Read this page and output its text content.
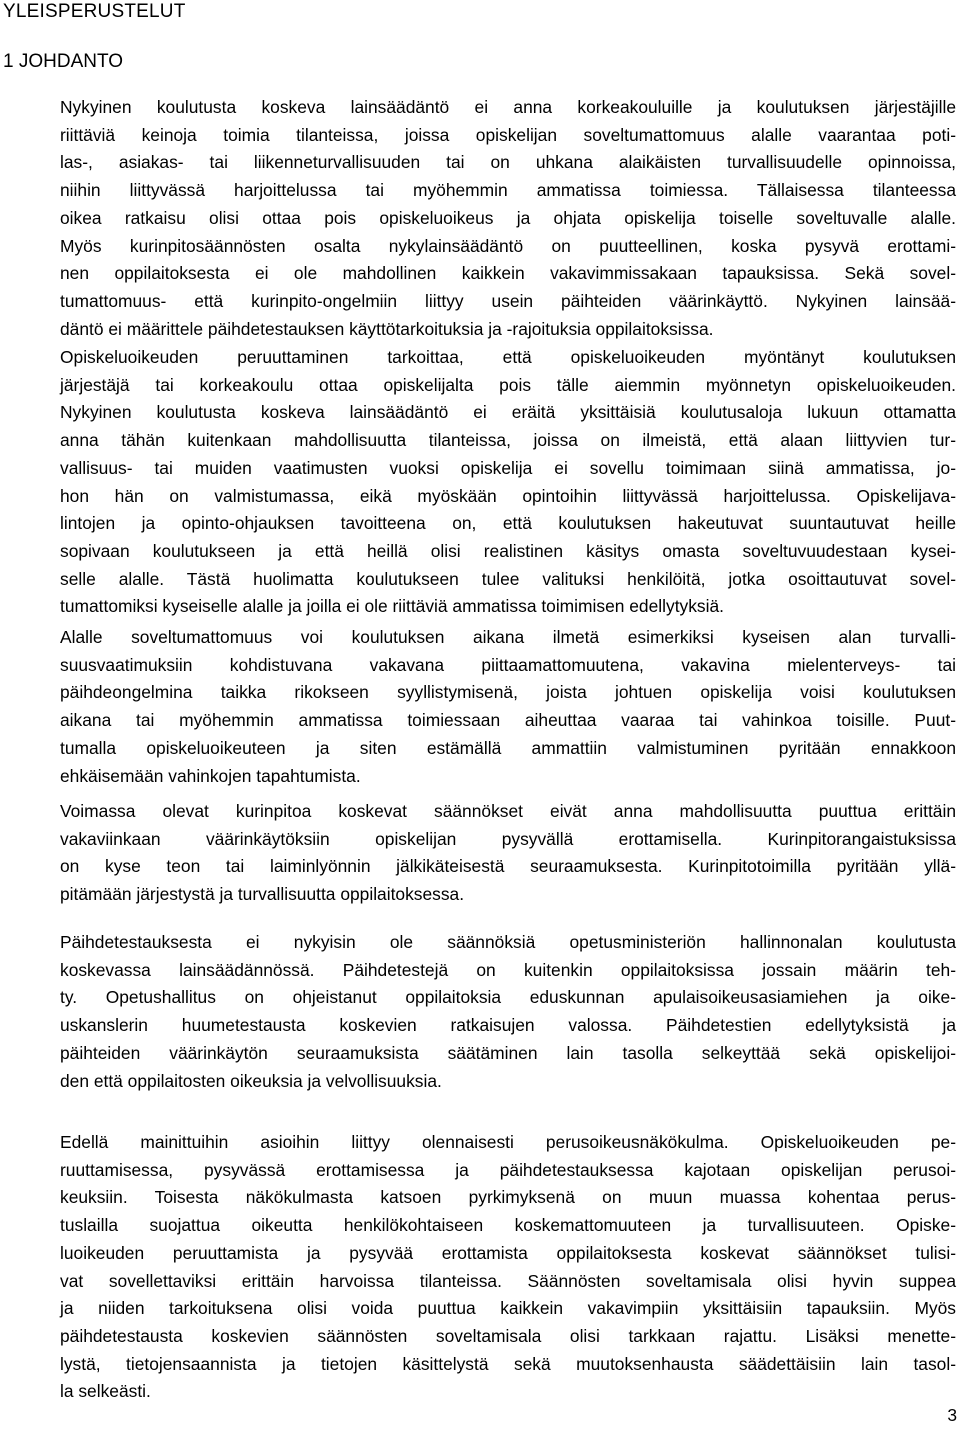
YLEISPERUSTELUT
1 JOHDANTO
Nykyinen koulutusta koskeva lainsäädäntö ei anna korkeakouluille ja koulutuksen järjestäjille
riittäviä keinoja toimia tilanteissa, joissa opiskelijan soveltumattomuus alalle vaarantaa poti-
las-, asiakas- tai liikenneturvallisuuden tai on uhkana alaikäisten turvallisuudelle opinnoissa,
niihin liittyvässä harjoittelussa tai myöhemmin ammatissa toimiessa. Tällaisessa tilanteessa
oikea ratkaisu olisi ottaa pois opiskeluoikeus ja ohjata opiskelija toiselle soveltuvalle alalle.
Myös kurinpitosäännösten osalta nykylainsäädäntö on puutteellinen, koska pysyvä erottami-
nen oppilaitoksesta ei ole mahdollinen kaikkein vakavimmissakaan tapauksissa. Sekä sovel-
tumattomuus- että kurinpito-ongelmiin liittyy usein päihteiden väärinkäyttö. Nykyinen lainsää-
däntö ei määrittele päihdetestauksen käyttötarkoituksia ja -rajoituksia oppilaitoksissa.
Opiskeluoikeuden peruuttaminen tarkoittaa, että opiskeluoikeuden myöntänyt koulutuksen
järjestäjä tai korkeakoulu ottaa opiskelijalta pois tälle aiemmin myönnetyn opiskeluoikeuden.
Nykyinen koulutusta koskeva lainsäädäntö ei eräitä yksittäisiä koulutusaloja lukuun ottamatta
anna tähän kuitenkaan mahdollisuutta tilanteissa, joissa on ilmeistä, että alaan liittyvien tur-
vallisuus- tai muiden vaatimusten vuoksi opiskelija ei sovellu toimimaan siinä ammatissa, jo-
hon hän on valmistumassa, eikä myöskään opintoihin liittyvässä harjoittelussa. Opiskelijava-
lintojen ja opinto-ohjauksen tavoitteena on, että koulutuksen hakeutuvat suuntautuvat heille
sopivaan koulutukseen ja että heillä olisi realistinen käsitys omasta soveltuvuudestaan kysei-
selle alalle. Tästä huolimatta koulutukseen tulee valituksi henkilöitä, jotka osoittautuvat sovel-
tumattomiksi kyseiselle alalle ja joilla ei ole riittäviä ammatissa toimimisen edellytyksiä.
Alalle soveltumattomuus voi koulutuksen aikana ilmetä esimerkiksi kyseisen alan turvalli-
suusvaatimuksiin kohdistuvana vakavana piittaamattomuutena, vakavina mielenterveys- tai
päihdeongelmina taikka rikokseen syyllistymisenä, joista johtuen opiskelija voisi koulutuksen
aikana tai myöhemmin ammatissa toimiessaan aiheuttaa vaaraa tai vahinkoa toisille. Puut-
tumalla opiskeluoikeuteen ja siten estämällä ammattiin valmistuminen pyritään ennakkoon
ehkäisemään vahinkojen tapahtumista.
Voimassa olevat kurinpitoa koskevat säännökset eivät anna mahdollisuutta puuttua erittäin
vakaviinkaan väärinkäytöksiin opiskelijan pysyvällä erottamisella. Kurinpitorangaistuksissa
on kyse teon tai laiminlyönnin jälkikäteisestä seuraamuksesta. Kurinpitotoimilla pyritään yllä-
pitämään järjestystä ja turvallisuutta oppilaitoksessa.
Päihdetestauksesta ei nykyisin ole säännöksiä opetusministeriön hallinnonalan koulutusta
koskevassa lainsäädännössä. Päihdetestejä on kuitenkin oppilaitoksissa jossain määrin teh-
ty. Opetushallitus on ohjeistanut oppilaitoksia eduskunnan apulaisoikeusasiamiehen ja oike-
uskanslerin huumetestausta koskevien ratkaisujen valossa. Päihdetestien edellytyksistä ja
päihteiden väärinkäytön seuraamuksista säätäminen lain tasolla selkeyttää sekä opiskelijoi-
den että oppilaitosten oikeuksia ja velvollisuuksia.
Edellä mainittuihin asioihin liittyy olennaisesti perusoikeusnäkökulma. Opiskeluoikeuden pe-
ruuttamisessa, pysyvässä erottamisessa ja päihdetestauksessa kajotaan opiskelijan perusoi-
keuksiin. Toisesta näkökulmasta katsoen pyrkimyksenä on muun muassa kohentaa perus-
tuslailla suojattua oikeutta henkilökohtaiseen koskemattomuuteen ja turvallisuuteen. Opiske-
luoikeuden peruuttamista ja pysyvää erottamista oppilaitoksesta koskevat säännökset tulisi-
vat sovellettaviksi erittäin harvoissa tilanteissa. Säännösten soveltamisala olisi hyvin suppea
ja niiden tarkoituksena olisi voida puuttua kaikkein vakavimpiin yksittäisiin tapauksiin. Myös
päihdetestausta koskevien säännösten soveltamisala olisi tarkkaan rajattu. Lisäksi menette-
lystä, tietojensaannista ja tietojen käsittelystä sekä muutoksenhausta säädettäisiin lain tasol-
la selkeästi.
3
